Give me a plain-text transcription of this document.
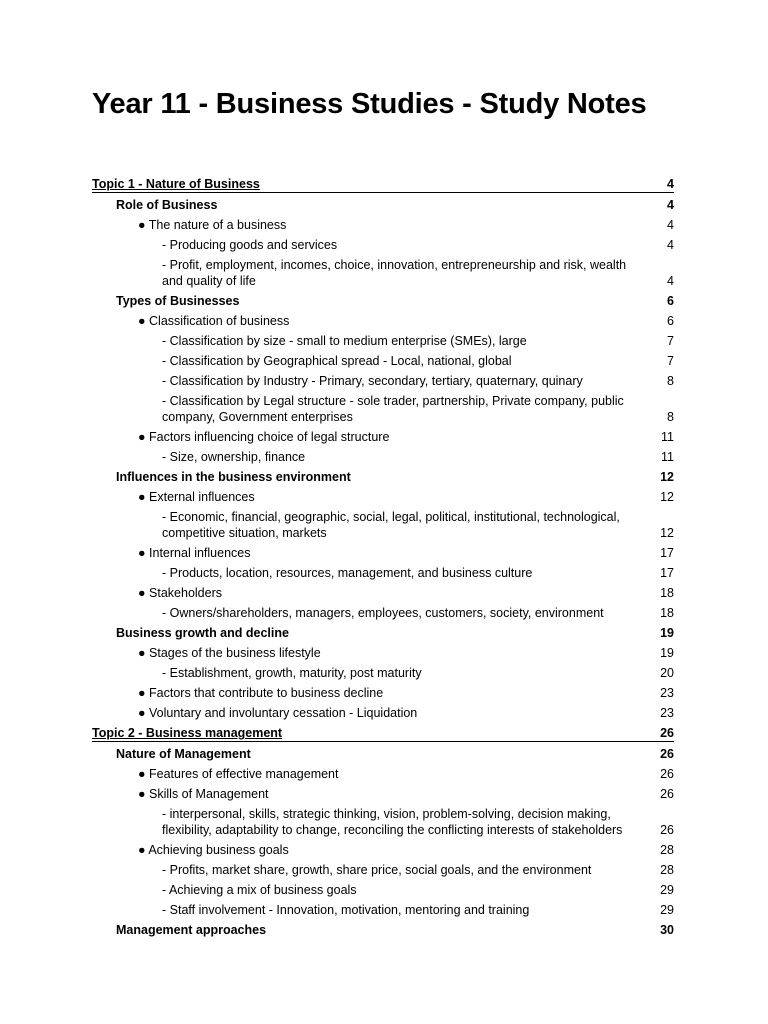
Year 11 - Business Studies - Study Notes
Topic 1 - Nature of Business	4
Role of Business	4
● The nature of a business	4
- Producing goods and services	4
- Profit, employment, incomes, choice, innovation, entrepreneurship and risk, wealth
and quality of life	4
Types of Businesses	6
● Classification of business	6
- Classification by size - small to medium enterprise (SMEs), large	7
- Classification by Geographical spread - Local, national, global	7
- Classification by Industry - Primary, secondary, tertiary, quaternary, quinary	8
- Classification by Legal structure - sole trader, partnership, Private company, public
company, Government enterprises	8
● Factors influencing choice of legal structure	11
- Size, ownership, finance	11
Influences in the business environment	12
● External influences	12
- Economic, financial, geographic, social, legal, political, institutional, technological,
competitive situation, markets	12
● Internal influences	17
- Products, location, resources, management, and business culture	17
● Stakeholders	18
- Owners/shareholders, managers, employees, customers, society, environment	18
Business growth and decline	19
● Stages of the business lifestyle	19
- Establishment, growth, maturity, post maturity	20
● Factors that contribute to business decline	23
● Voluntary and involuntary cessation - Liquidation	23
Topic 2 - Business management	26
Nature of Management	26
● Features of effective management	26
● Skills of Management	26
- interpersonal, skills, strategic thinking, vision, problem-solving, decision making,
flexibility, adaptability to change, reconciling the conflicting interests of stakeholders	26
● Achieving business goals	28
- Profits, market share, growth, share price, social goals, and the environment	28
- Achieving a mix of business goals	29
- Staff involvement - Innovation, motivation, mentoring and training	29
Management approaches	30
